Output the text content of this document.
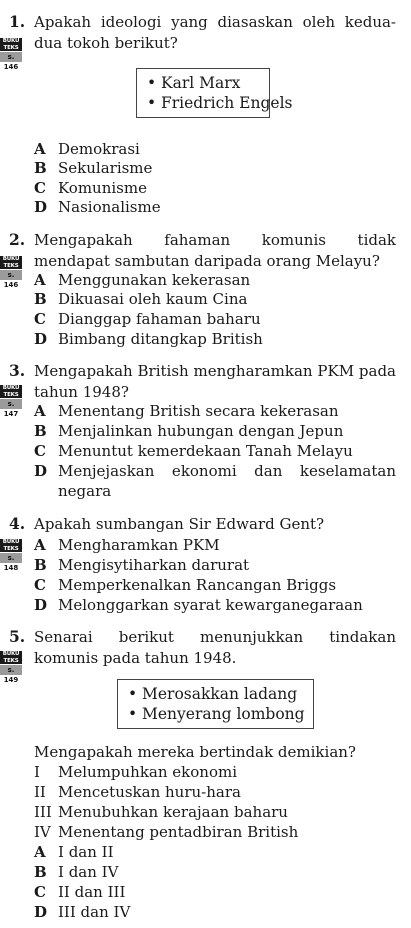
1. Apakah ideologi yang diasaskan oleh kedua-dua tokoh berikut?
BUKU TEKS
s. 146
• Karl Marx
• Friedrich Engels
A Demokrasi
B Sekularisme
C Komunisme
D Nasionalisme
2. Mengapakah fahaman komunis tidak mendapat sambutan daripada orang Melayu?
BUKU TEKS
s. 146 A Menggunakan kekerasan
B Dikuasai oleh kaum Cina
C Dianggap fahaman baharu
D Bimbang ditangkap British
3. Mengapakah British mengharamkan PKM pada tahun 1948?
BUKU TEKS
s. 147 A Menentang British secara kekerasan
B Menjalinkan hubungan dengan Jepun
C Menuntut kemerdekaan Tanah Melayu
D Menjejaskan ekonomi dan keselamatan negara
4. Apakah sumbangan Sir Edward Gent?
BUKU TEKS
s. 148
A Mengharamkan PKM
B Mengisytiharkan darurat
C Memperkenalkan Rancangan Briggs
D Melonggarkan syarat kewarganegaraan
5. Senarai berikut menunjukkan tindakan komunis pada tahun 1948.
BUKU TEKS
s. 149
• Merosakkan ladang
• Menyerang lombong
Mengapakah mereka bertindak demikian?
I Melumpuhkan ekonomi
II Mencetuskan huru-hara
III Menubuhkan kerajaan baharu
IV Menentang pentadbiran British
A I dan II
B I dan IV
C II dan III
D III dan IV
